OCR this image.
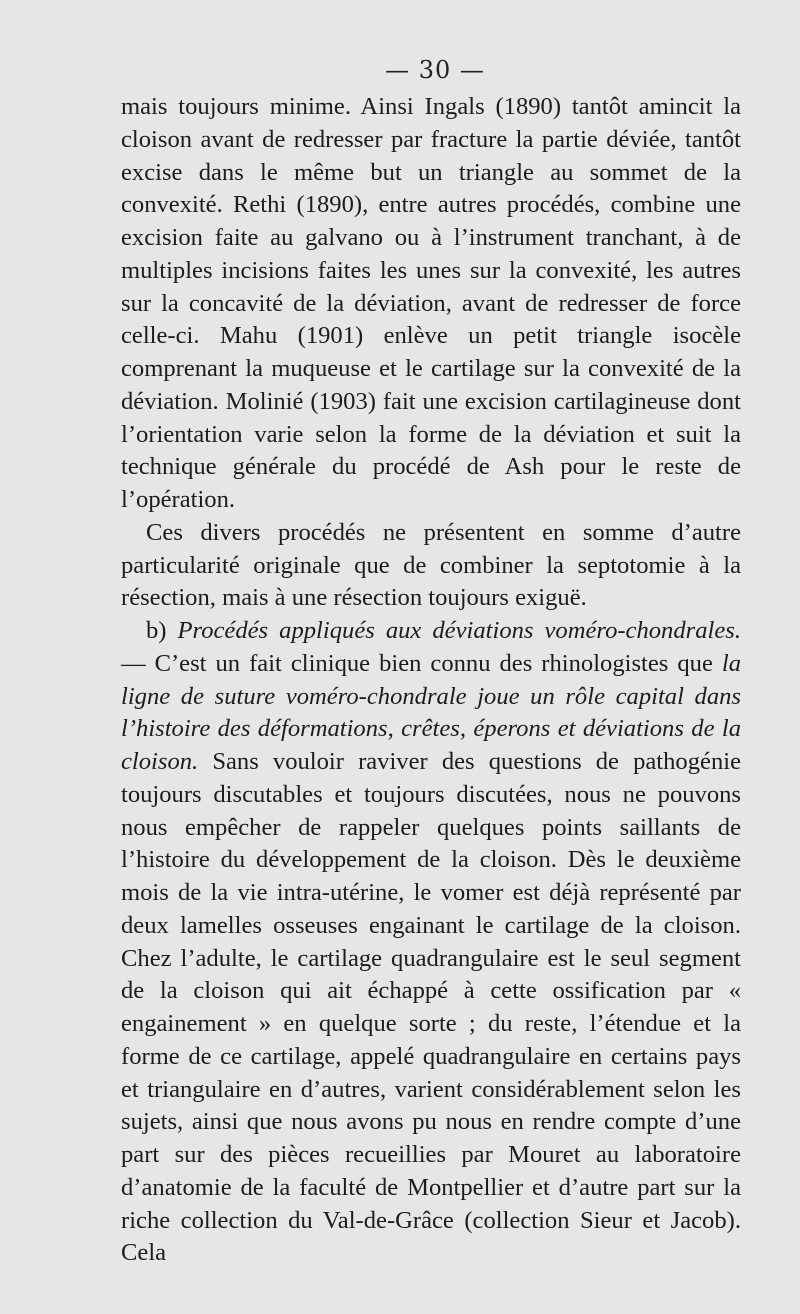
— 30 —

mais toujours minime. Ainsi Ingals (1890) tantôt amincit la cloison avant de redresser par fracture la partie déviée, tantôt excise dans le même but un triangle au sommet de la convexité. Rethi (1890), entre autres procédés, combine une excision faite au galvano ou à l’instrument tranchant, à de multiples incisions faites les unes sur la convexité, les autres sur la concavité de la déviation, avant de redresser de force celle-ci. Mahu (1901) enlève un petit triangle isocèle comprenant la muqueuse et le cartilage sur la convexité de la déviation. Molinié (1903) fait une excision cartilagineuse dont l’orientation varie selon la forme de la déviation et suit la technique générale du procédé de Ash pour le reste de l’opération.

Ces divers procédés ne présentent en somme d’autre particularité originale que de combiner la septotomie à la résection, mais à une résection toujours exiguë.

b) Procédés appliqués aux déviations voméro-chondrales. — C’est un fait clinique bien connu des rhinologistes que la ligne de suture voméro-chondrale joue un rôle capital dans l’histoire des déformations, crêtes, éperons et déviations de la cloison. Sans vouloir raviver des questions de pathogénie toujours discutables et toujours discutées, nous ne pouvons nous empêcher de rappeler quelques points saillants de l’histoire du développement de la cloison. Dès le deuxième mois de la vie intra-utérine, le vomer est déjà représenté par deux lamelles osseuses engainant le cartilage de la cloison. Chez l’adulte, le cartilage quadrangulaire est le seul segment de la cloison qui ait échappé à cette ossification par « engainement » en quelque sorte ; du reste, l’étendue et la forme de ce cartilage, appelé quadrangulaire en certains pays et triangulaire en d’autres, varient considérablement selon les sujets, ainsi que nous avons pu nous en rendre compte d’une part sur des pièces recueillies par Mouret au laboratoire d’anatomie de la faculté de Montpellier et d’autre part sur la riche collection du Val-de-Grâce (collection Sieur et Jacob). Cela
